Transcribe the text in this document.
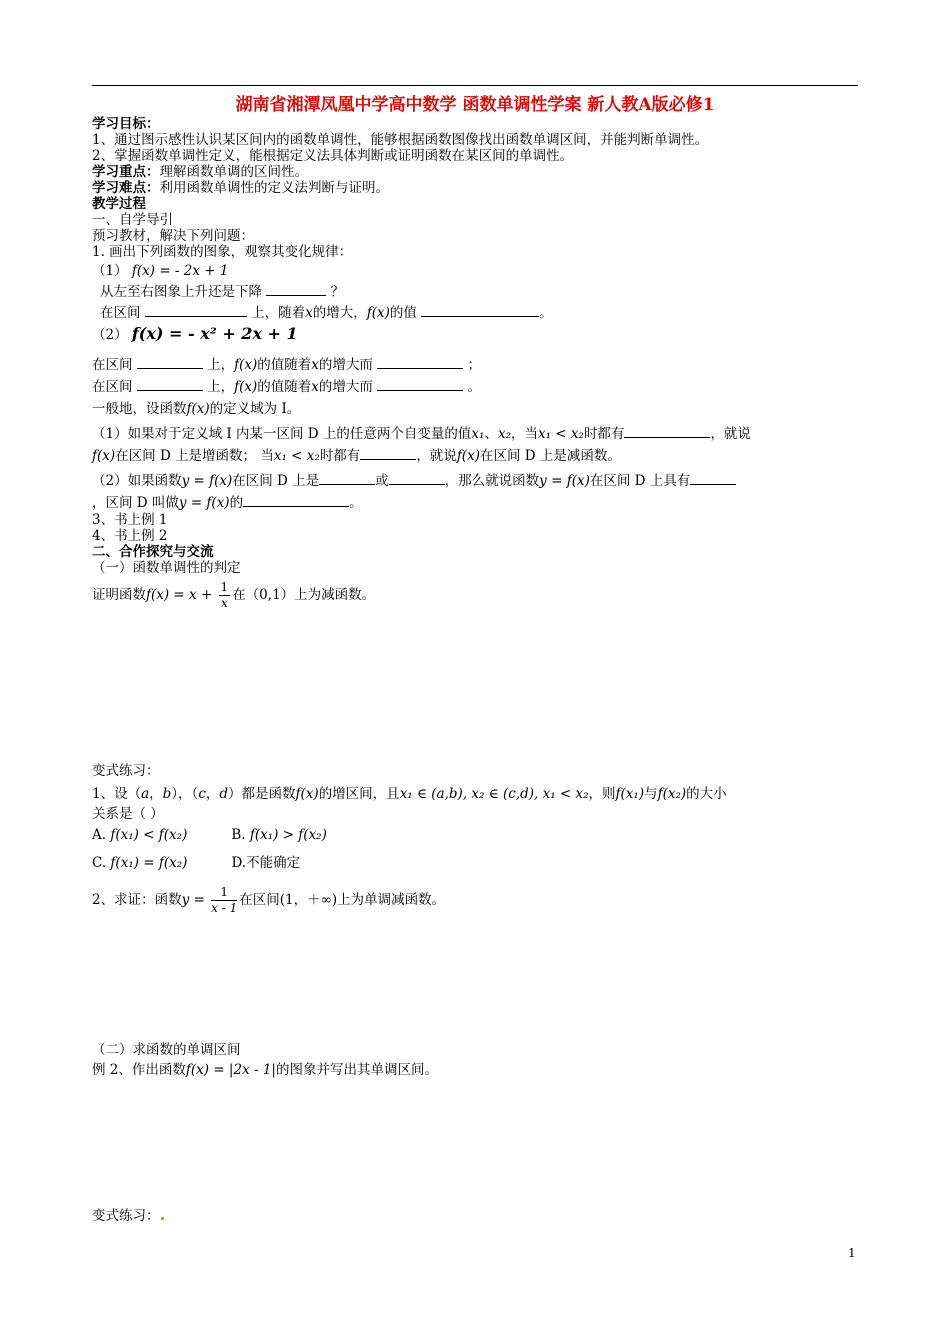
湖南省湘潭凤凰中学高中数学 函数单调性学案 新人教A版必修1
学习目标：
1、通过图示感性认识某区间内的函数单调性，能够根据函数图像找出函数单调区间，并能判断单调性。
2、掌握函数单调性定义，能根据定义法具体判断或证明函数在某区间的单调性。
学习重点：理解函数单调的区间性。
学习难点：利用函数单调性的定义法判断与证明。
教学过程
一、自学导引
预习教材，解决下列问题：
1. 画出下列函数的图象，观察其变化规律：
（1） f(x) = - 2x + 1
从左至右图象上升还是下降	？
在区间	上，随着x的增大，f(x)的值	。
（2） f(x) = - x² + 2x + 1
在区间	上，f(x)的值随着x的增大而	；
在区间	上，f(x)的值随着x的增大而	。
一般地，设函数f(x)的定义域为 I。
（1）如果对于定义域 I 内某一区间 D 上的任意两个自变量的值x₁、x₂，当x₁ < x₂时都有	，就说
f(x)在区间 D 上是增函数； 当x₁ < x₂时都有	，就说f(x)在区间 D 上是减函数。
（2）如果函数y = f(x)在区间 D 上是	或	，那么就说函数y = f(x)在区间 D 上具有
，区间 D 叫做y = f(x)的	。
3、书上例 1
4、书上例 2
二、合作探究与交流
（一）函数单调性的判定
证明函数$f(x) = x + \frac{1}{x}$ 在（0,1）上为减函数。
变式练习：
1、设（a，b），（c，d）都是函数f(x)的增区间，且x₁ ∈ (a,b), x₂ ∈ (c,d), x₁ < x₂，则f(x₁)与f(x₂)的大小
关系是（ ）
A. f(x₁) < f(x₂)	B. f(x₁) > f(x₂)
C. f(x₁) = f(x₂)	D.不能确定
2、求证：函数$y = \frac{1}{x - 1}$ 在区间(1，＋∞)上为单调减函数。
（二）求函数的单调区间
例 2、作出函数f(x) = |2x - 1|的图象并写出其单调区间。
变式练习：
1
